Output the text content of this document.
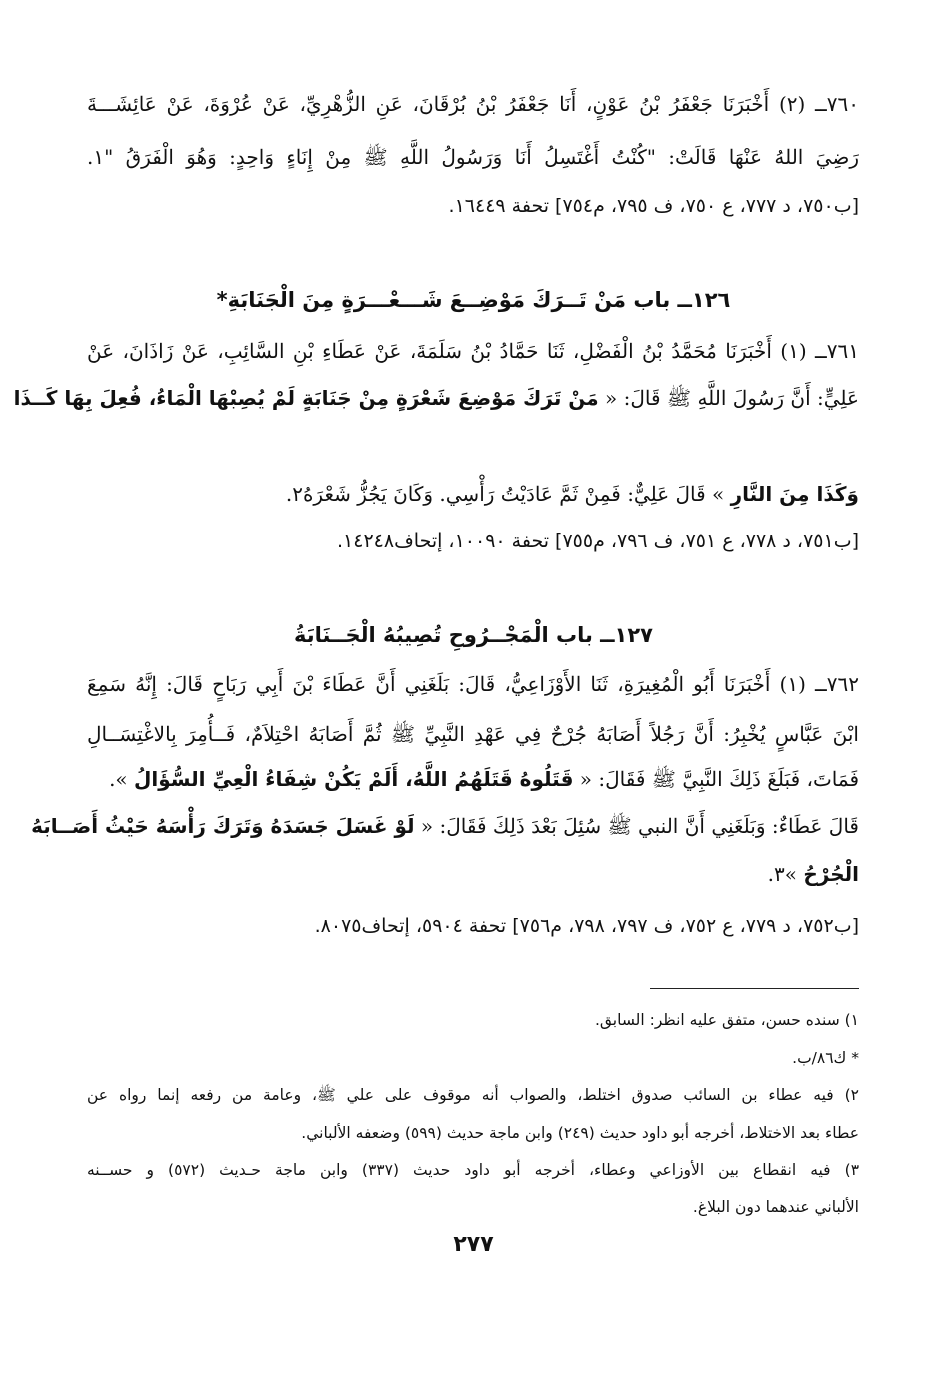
٧٦٠ــ (٢) أَخْبَرَنَا جَعْفَرُ بْنُ عَوْنٍ، أَنَا جَعْفَرُ بْنُ بُرْقَانَ، عَنِ الزُّهْرِيِّ، عَنْ عُرْوَةَ، عَنْ عَائِشَـــةَ
رَضِيَ اللهُ عَنْهَا قَالَتْ: "كُنْتُ أَغْتَسِلُ أَنَا وَرَسُولُ اللَّهِ ﷺ مِنْ إِنَاءٍ وَاحِدٍ: وَهُوَ الْفَرَقُ "١.
[ب٧٥٠، د ٧٧٧، ع ٧٥٠، ف ٧٩٥، م٧٥٤] تحفة ١٦٤٤٩.
١٢٦ــ باب مَنْ تَــرَكَ مَوْضِــعَ شَـــعْـــرَةٍ مِنَ الْجَنَابَةِ*
٧٦١ــ (١) أَخْبَرَنَا مُحَمَّدُ بْنُ الْفَضْلِ، ثَنَا حَمَّادُ بْنُ سَلَمَةَ، عَنْ عَطَاءِ بْنِ السَّائِبِ، عَنْ زَاذَانَ، عَنْ
عَلِيٍّ: أَنَّ رَسُولَ اللَّهِ ﷺ قَالَ: « مَنْ تَرَكَ مَوْضِعَ شَعْرَةٍ مِنْ جَنَابَةٍ لَمْ يُصِبْهَا الْمَاءُ، فُعِلَ بِهَا كَــذَا
وَكَذَا مِنَ النَّارِ » قَالَ عَلِيٌّ: فَمِنْ ثَمَّ عَادَيْتُ رَأْسِي. وَكَانَ يَجُزُّ شَعْرَهُ٢.
[ب٧٥١، د ٧٧٨، ع ٧٥١، ف ٧٩٦، م٧٥٥] تحفة ١٠٠٩٠، إتحاف١٤٢٤٨.
١٢٧ــ باب الْمَجْــرُوحِ تُصِيبُهُ الْجَــنَابَةُ
٧٦٢ــ (١) أَخْبَرَنَا أَبُو الْمُغِيرَةِ، ثَنَا الأَوْزَاعِيُّ، قَالَ: بَلَغَنِي أَنَّ عَطَاءَ بْنَ أَبِي رَبَاحٍ قَالَ: إِنَّهُ سَمِعَ
ابْنَ عَبَّاسٍ يُخْبِرُ: أَنَّ رَجُلاً أَصَابَهُ جُرْحٌ فِي عَهْدِ النَّبِيِّ ﷺ ثُمَّ أَصَابَهُ احْتِلاَمٌ، فَــأُمِرَ بِالاغْتِسَــالِ
فَمَاتَ، فَبَلَغَ ذَلِكَ النَّبِيَّ ﷺ فَقَالَ: « قَتَلُوهُ قَتَلَهُمُ اللَّهُ، أَلَمْ يَكُنْ شِفَاءُ الْعِيِّ السُّؤَالُ ».
قَالَ عَطَاءٌ: وَبَلَغَنِي أَنَّ النبي ﷺ سُئِلَ بَعْدَ ذَلِكَ فَقَالَ: « لَوْ غَسَلَ جَسَدَهُ وَتَرَكَ رَأْسَهُ حَيْثُ أَصَــابَهُ
الْجُرْحُ »٣.
[ب٧٥٢، د ٧٧٩، ع ٧٥٢، ف ٧٩٧، ٧٩٨، م٧٥٦] تحفة ٥٩٠٤، إتحاف٨٠٧٥.
١) سنده حسن، متفق عليه انظر: السابق.
* ك٨٦/ب.
٢) فيه عطاء بن السائب صدوق اختلط، والصواب أنه موقوف على علي ﷺ، وعامة من رفعه إنما رواه عن
عطاء بعد الاختلاط، أخرجه أبو داود حديث (٢٤٩) وابن ماجة حديث (٥٩٩) وضعفه الألباني.
٣) فيه انقطاع بين الأوزاعي وعطاء، أخرجه أبو داود حديث (٣٣٧) وابن ماجة حـديث (٥٧٢) و حســنه
الألباني عندهما دون البلاغ.
٢٧٧
